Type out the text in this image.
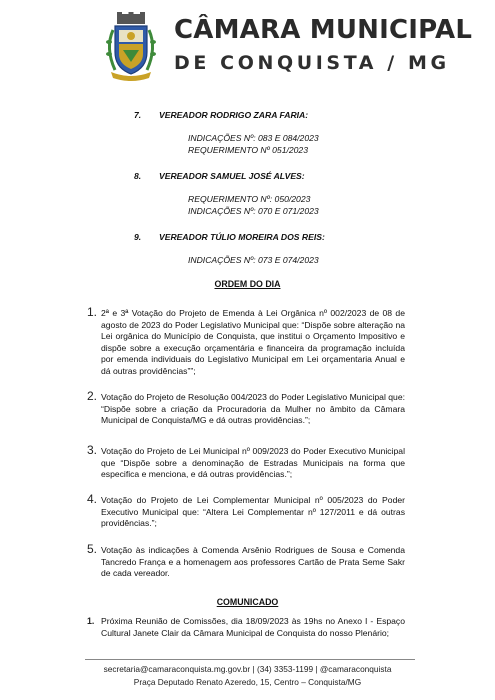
CÂMARA MUNICIPAL
DE CONQUISTA / MG
7. VEREADOR RODRIGO ZARA FARIA:
INDICAÇÕES Nº: 083 E 084/2023
REQUERIMENTO Nº 051/2023
8. VEREADOR SAMUEL JOSÉ ALVES:
REQUERIMENTO Nº: 050/2023
INDICAÇÕES Nº: 070 E 071/2023
9. VEREADOR TÚLIO MOREIRA DOS REIS:
INDICAÇÕES Nº: 073 E 074/2023
ORDEM DO DIA
1. 2ª e 3ª Votação do Projeto de Emenda à Lei Orgânica nº 002/2023 de 08 de agosto de 2023 do Poder Legislativo Municipal que: “Dispõe sobre alteração na Lei orgânica do Município de Conquista, que institui o Orçamento Impositivo e dispõe sobre a execução orçamentária e financeira da programação incluída por emenda individuais do Legislativo Municipal em Lei orçamentaria Anual e dá outras providências””;
2. Votação do Projeto de Resolução 004/2023 do Poder Legislativo Municipal que: “Dispõe sobre a criação da Procuradoria da Mulher no âmbito da Câmara Municipal de Conquista/MG e dá outras providências.”;
3. Votação do Projeto de Lei Municipal nº 009/2023 do Poder Executivo Municipal que “Dispõe sobre a denominação de Estradas Municipais na forma que especifica e menciona, e dá outras providências.”;
4. Votação do Projeto de Lei Complementar Municipal nº 005/2023 do Poder Executivo Municipal que: “Altera Lei Complementar nº 127/2011 e dá outras providências.”;
5. Votação às indicações à Comenda Arsênio Rodrigues de Sousa e Comenda Tancredo França e a homenagem aos professores Cartão de Prata Seme Sakr de cada vereador.
COMUNICADO
1. Próxima Reunião de Comissões, dia 18/09/2023 às 19hs no Anexo I - Espaço Cultural Janete Clair da Câmara Municipal de Conquista do nosso Plenário;
secretaria@camaraconquista.mg.gov.br | (34) 3353-1199 | @camaraconquista
Praça Deputado Renato Azeredo, 15, Centro – Conquista/MG
